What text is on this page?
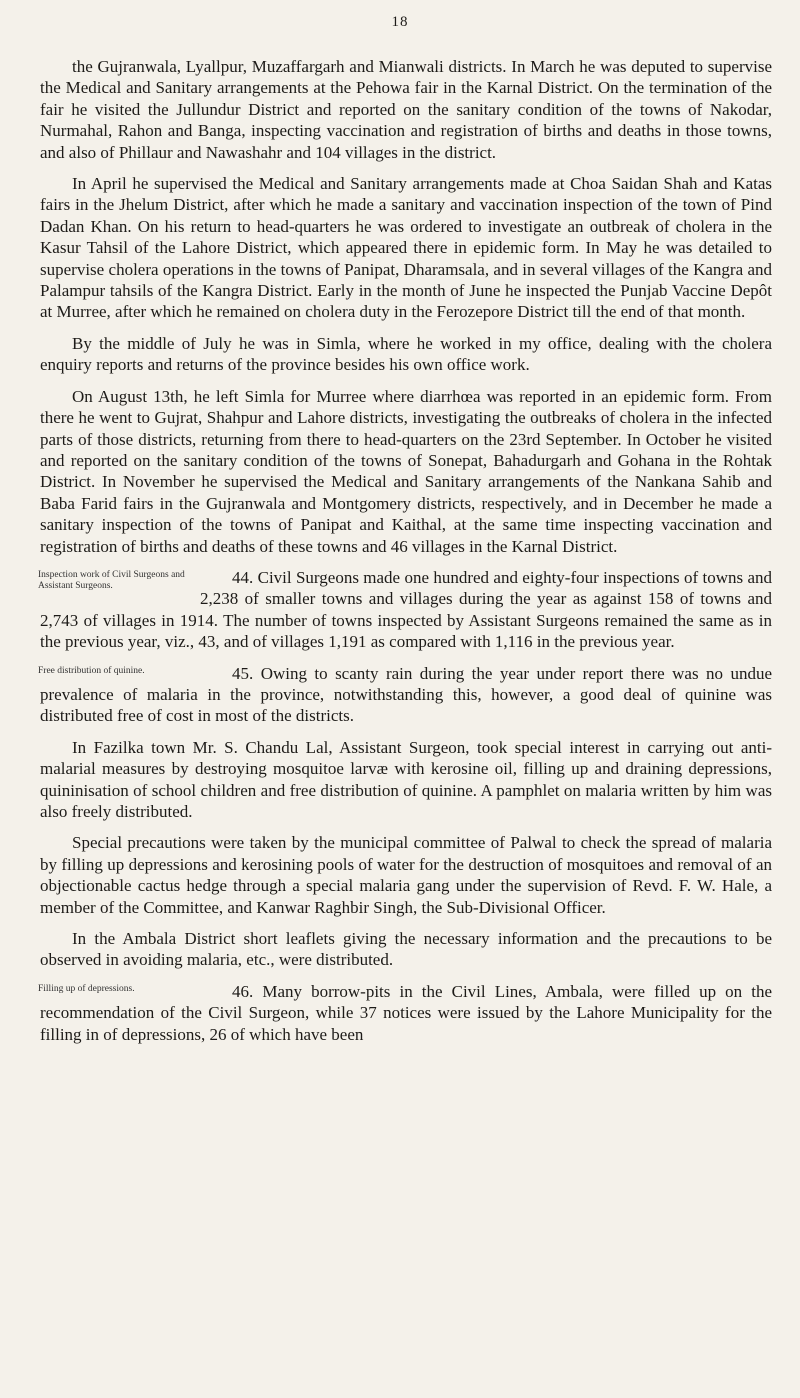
18

the Gujranwala, Lyallpur, Muzaffargarh and Mianwali districts. In March he was deputed to supervise the Medical and Sanitary arrangements at the Pehowa fair in the Karnal District. On the termination of the fair he visited the Jullundur District and reported on the sanitary condition of the towns of Nakodar, Nurmahal, Rahon and Banga, inspecting vaccination and registration of births and deaths in those towns, and also of Phillaur and Nawashahr and 104 villages in the district.

In April he supervised the Medical and Sanitary arrangements made at Choa Saidan Shah and Katas fairs in the Jhelum District, after which he made a sanitary and vaccination inspection of the town of Pind Dadan Khan. On his return to head-quarters he was ordered to investigate an outbreak of cholera in the Kasur Tahsil of the Lahore District, which appeared there in epidemic form. In May he was detailed to supervise cholera operations in the towns of Panipat, Dharamsala, and in several villages of the Kangra and Palampur tahsils of the Kangra District. Early in the month of June he inspected the Punjab Vaccine Depôt at Murree, after which he remained on cholera duty in the Ferozepore District till the end of that month.

By the middle of July he was in Simla, where he worked in my office, dealing with the cholera enquiry reports and returns of the province besides his own office work.

On August 13th, he left Simla for Murree where diarrhœa was reported in an epidemic form. From there he went to Gujrat, Shahpur and Lahore districts, investigating the outbreaks of cholera in the infected parts of those districts, returning from there to head-quarters on the 23rd September. In October he visited and reported on the sanitary condition of the towns of Sonepat, Bahadurgarh and Gohana in the Rohtak District. In November he supervised the Medical and Sanitary arrangements of the Nankana Sahib and Baba Farid fairs in the Gujranwala and Montgomery districts, respectively, and in December he made a sanitary inspection of the towns of Panipat and Kaithal, at the same time inspecting vaccination and registration of births and deaths of these towns and 46 villages in the Karnal District.

Inspection work of Civil Surgeons and Assistant Surgeons.	44. Civil Surgeons made one hundred and eighty-four inspections of towns and 2,238 of smaller towns and villages during the year as against 158 of towns and 2,743 of villages in 1914. The number of towns inspected by Assistant Surgeons remained the same as in the previous year, viz., 43, and of villages 1,191 as compared with 1,116 in the previous year.

Free distribution of quinine.	45. Owing to scanty rain during the year under report there was no undue prevalence of malaria in the province, notwithstanding this, however, a good deal of quinine was distributed free of cost in most of the districts.

In Fazilka town Mr. S. Chandu Lal, Assistant Surgeon, took special interest in carrying out anti-malarial measures by destroying mosquitoe larvæ with kerosine oil, filling up and draining depressions, quininisation of school children and free distribution of quinine. A pamphlet on malaria written by him was also freely distributed.

Special precautions were taken by the municipal committee of Palwal to check the spread of malaria by filling up depressions and kerosining pools of water for the destruction of mosquitoes and removal of an objectionable cactus hedge through a special malaria gang under the supervision of Revd. F. W. Hale, a member of the Committee, and Kanwar Raghbir Singh, the Sub-Divisional Officer.

In the Ambala District short leaflets giving the necessary information and the precautions to be observed in avoiding malaria, etc., were distributed.

Filling up of depressions.	46. Many borrow-pits in the Civil Lines, Ambala, were filled up on the recommendation of the Civil Surgeon, while 37 notices were issued by the Lahore Municipality for the filling in of depressions, 26 of which have been
